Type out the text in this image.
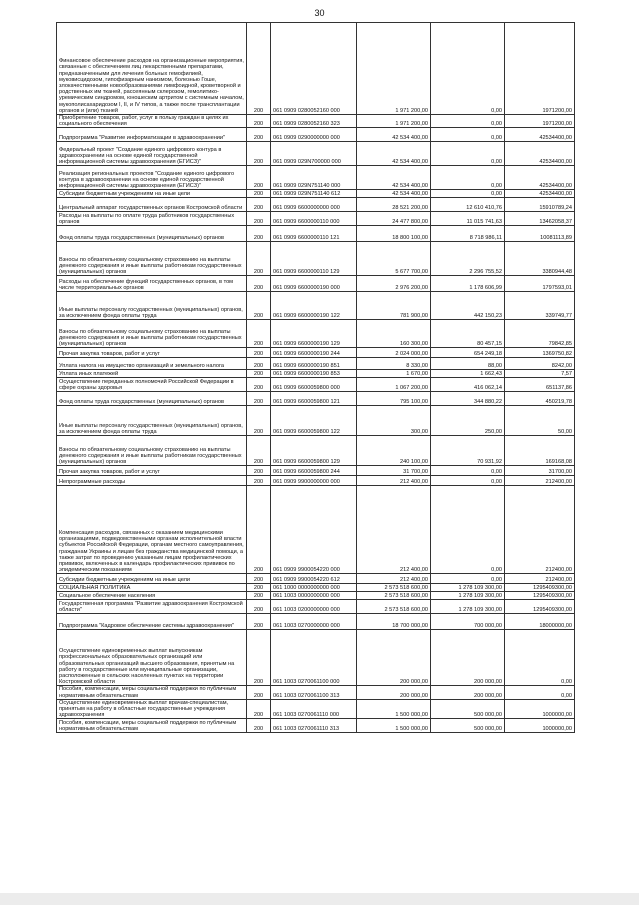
30
Финансовое обеспечение расходов на организационные мероприятия, связанные с обеспечением лиц лекарственными препаратами, предназначенными для лечения больных гемофилией, муковисцидозом, гипофизарным нанизмом, болезнью Гоше, злокачественными новообразованиями лимфоидной, кроветворной и родственных им тканей, рассеянным склерозом, гемолитико-уремическим синдромом, юношеским артритом с системным началом, мукополисахаридозом I, II, и IV типов, а также после трансплантации органов и (или) тканей	200	061 0909 0280052160 000	1 971 200,00	0,00	1971200,00
Приобретение товаров, работ, услуг в пользу граждан в целях их социального обеспечения	200	061 0909 0280052160 323	1 971 200,00	0,00	1971200,00
Подпрограмма "Развитие информатизации в здравоохранении"	200	061 0909 0290000000 000	42 534 400,00	0,00	42534400,00
Федеральный проект "Создание единого цифрового контура в здравоохранении на основе единой государственной информационной системы здравоохранения (ЕГИСЗ)"	200	061 0909 029N700000 000	42 534 400,00	0,00	42534400,00
Реализация региональных проектов "Создание единого цифрового контура в здравоохранении на основе единой государственной информационной системы здравоохранения (ЕГИСЗ)"	200	061 0909 029N751140 000	42 534 400,00	0,00	42534400,00
Субсидии бюджетным учреждениям на иные цели	200	061 0909 029N751140 612	42 534 400,00	0,00	42534400,00
Центральный аппарат государственных органов Костромской области	200	061 0909 6600000000 000	28 521 200,00	12 610 410,76	15910789,24
Расходы на выплаты по оплате труда работников государственных органов	200	061 0909 6600000110 000	24 477 800,00	11 015 741,63	13462058,37
Фонд оплаты труда государственных (муниципальных) органов	200	061 0909 6600000110 121	18 800 100,00	8 718 986,11	10081113,89
Взносы по обязательному социальному страхованию на выплаты денежного содержания и иные выплаты работникам государственных (муниципальных) органов	200	061 0909 6600000110 129	5 677 700,00	2 296 755,52	3380944,48
Расходы на обеспечение функций государственных органов, в том числе территориальных органов	200	061 0909 6600000190 000	2 976 200,00	1 178 606,99	1797593,01
Иные выплаты персоналу государственных (муниципальных) органов, за исключением фонда оплаты труда	200	061 0909 6600000190 122	781 900,00	442 150,23	339749,77
Взносы по обязательному социальному страхованию на выплаты денежного содержания и иные выплаты работникам государственных (муниципальных) органов	200	061 0909 6600000190 129	160 300,00	80 457,15	79842,85
Прочая закупка товаров, работ и услуг	200	061 0909 6600000190 244	2 024 000,00	654 249,18	1369750,82
Уплата налога на имущество организаций и земельного налога	200	061 0909 6600000190 851	8 330,00	88,00	8242,00
Уплата иных платежей	200	061 0909 6600000190 853	1 670,00	1 662,43	7,57
Осуществление переданных полномочий Российской Федерации в сфере охраны здоровья	200	061 0909 6600059800 000	1 067 200,00	416 062,14	651137,86
Фонд оплаты труда государственных (муниципальных) органов	200	061 0909 6600059800 121	795 100,00	344 880,22	450219,78
Иные выплаты персоналу государственных (муниципальных) органов, за исключением фонда оплаты труда	200	061 0909 6600059800 122	300,00	250,00	50,00
Взносы по обязательному социальному страхованию на выплаты денежного содержания и иные выплаты работникам государственных (муниципальных) органов	200	061 0909 6600059800 129	240 100,00	70 931,92	169168,08
Прочая закупка товаров, работ и услуг	200	061 0909 6600059800 244	31 700,00	0,00	31700,00
Непрограммные расходы	200	061 0909 9900000000 000	212 400,00	0,00	212400,00
Компенсация расходов, связанных с оказанием медицинскими организациями, подведомственными органам исполнительной власти субъектов Российской Федерации, органам местного самоуправления, гражданам Украины и лицам без гражданства медицинской помощи, а также затрат по проведению указанным лицам профилактических прививок, включенных в календарь профилактических прививок по эпидемическим показаниям	200	061 0909 9900054220 000	212 400,00	0,00	212400,00
Субсидии бюджетным учреждениям на иные цели	200	061 0909 9900054220 612	212 400,00	0,00	212400,00
СОЦИАЛЬНАЯ ПОЛИТИКА	200	061 1000 0000000000 000	2 573 518 600,00	1 278 109 300,00	1295409300,00
Социальное обеспечение населения	200	061 1003 0000000000 000	2 573 518 600,00	1 278 109 300,00	1295409300,00
Государственная программа "Развитие здравоохранения Костромской области"	200	061 1003 0200000000 000	2 573 518 600,00	1 278 109 300,00	1295409300,00
Подпрограмма "Кадровое обеспечение системы здравоохранения"	200	061 1003 0270000000 000	18 700 000,00	700 000,00	18000000,00
Осуществление единовременных выплат выпускникам профессиональных образовательных организаций или образовательных организаций высшего образования, принятым на работу в государственные или муниципальные организации, расположенные в сельских населенных пунктах на территории Костромской области	200	061 1003 0270061100 000	200 000,00	200 000,00	0,00
Пособия, компенсации, меры социальной поддержки по публичным нормативным обязательствам	200	061 1003 0270061100 313	200 000,00	200 000,00	0,00
Осуществление единовременных выплат врачам-специалистам, принятым на работу в областные государственные учреждения здравоохранения	200	061 1003 0270061110 000	1 500 000,00	500 000,00	1000000,00
Пособия, компенсации, меры социальной поддержки по публичным нормативным обязательствам	200	061 1003 0270061110 313	1 500 000,00	500 000,00	1000000,00
